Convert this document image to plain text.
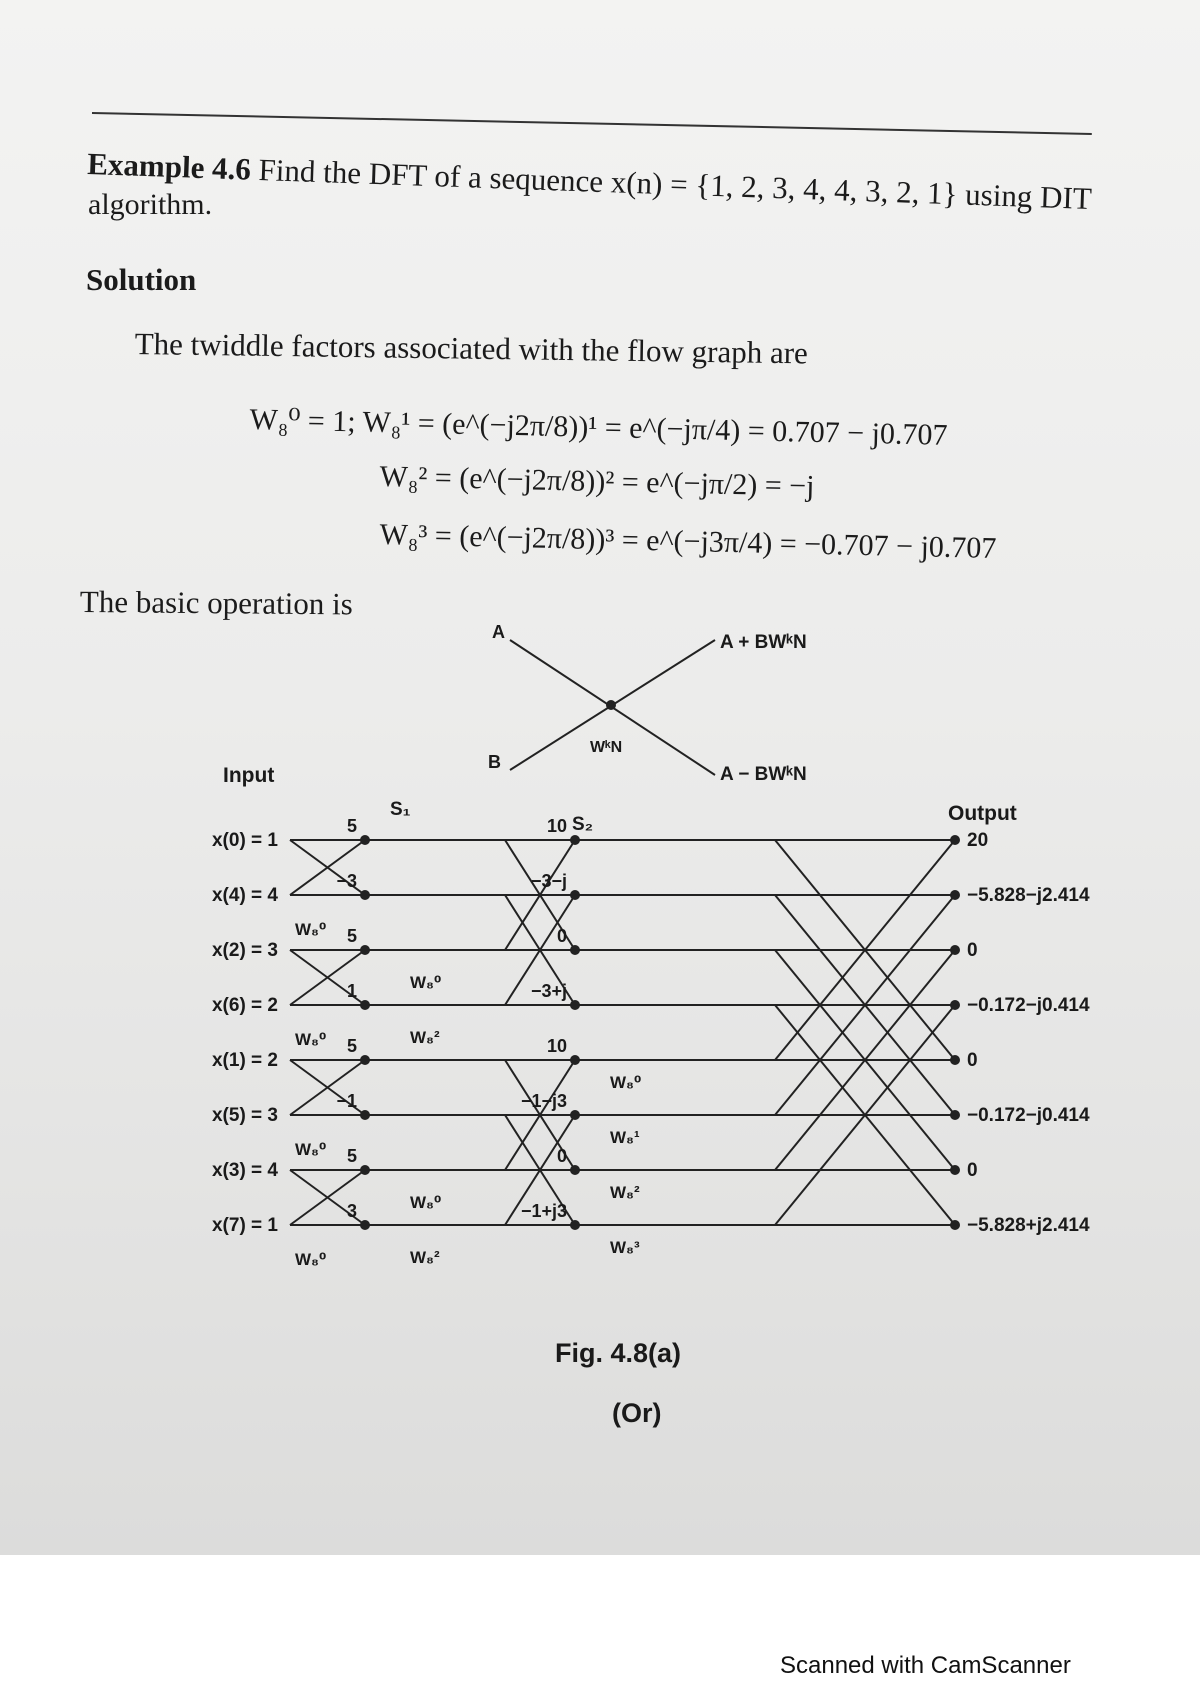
Example 4.6 Find the DFT of a sequence x(n) = {1, 2, 3, 4, 4, 3, 2, 1} using DIT
algorithm.
Solution
The twiddle factors associated with the flow graph are
W₈⁰ = 1; W₈¹ = (e^(−j2π/8))¹ = e^(−jπ/4) = 0.707 − j0.707
W₈² = (e^(−j2π/8))² = e^(−jπ/2) = −j
W₈³ = (e^(−j2π/8))³ = e^(−j3π/4) = −0.707 − j0.707
The basic operation is
A
B
A + BWᵏN
A − BWᵏN
WᵏN
x(0) = 1
5	10
20
x(4) = 4
−3	−3−j
−5.828−j2.414
x(2) = 3
5	0
0
x(6) = 2
1	−3+j
−0.172−j0.414
x(1) = 2
5	10
0
x(5) = 3
−1	−1−j3
−0.172−j0.414
x(3) = 4
5	0
0
x(7) = 1
3	−1+j3
−5.828+j2.414
W₈⁰
W₈⁰
W₈⁰
W₈⁰
W₈⁰
W₈²
W₈⁰
W₈²
W₈⁰
W₈¹
W₈²
W₈³
Input
Output
S₁
S₂
Fig. 4.8(a)
(Or)
Scanned with CamScanner
